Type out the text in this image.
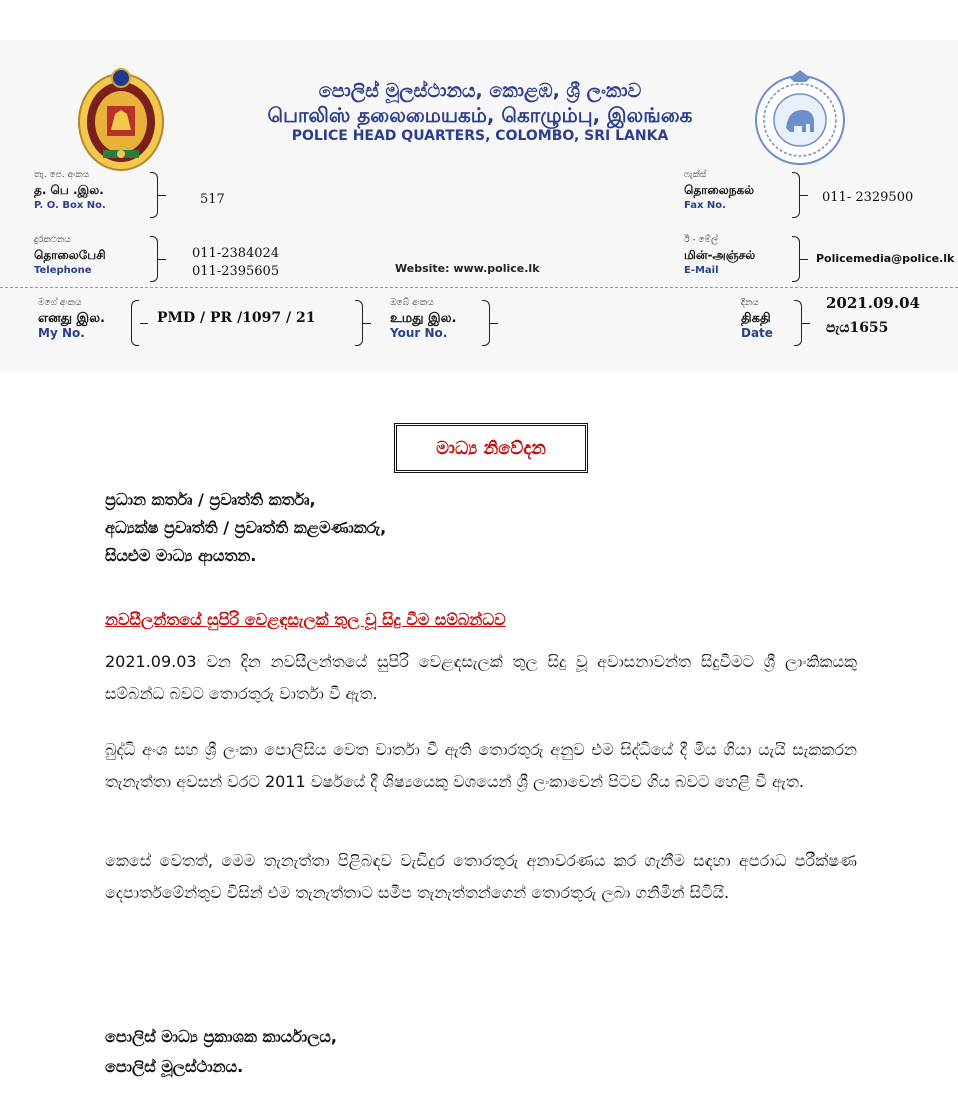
පොලිස් මූලස්ථානය, කොළඹ, ශ්‍රී ලංකාව
பொலிஸ் தலைமையகம், கொழும்பு, இலங்கை
POLICE HEAD QUARTERS, COLOMBO, SRI LANKA
තැ. පෙ. අංකය
த. பெ .இல.
P. O. Box No.	517
ෆැක්ස්
தொலைநகல்
Fax No.
011- 2329500
දුරකථනය
தொலைபேசி
Telephone
011-2384024
011-2395605	Website: www.police.lk
ඊ - මේල්
மின்-அஞ்சல்
E-Mail
Policemedia@police.lk
මගේ අංකය
எனது இல.
My No.
PMD / PR /1097 / 21
ඔබේ අංකය
உமது இல.
Your No.
දිනය
திகதி
Date
2021.09.04
පැය1655
මාධ්‍ය නිවේදන
ප්‍රධාන කර්තෘ / ප්‍රවෘත්ති කර්තෘ,
අධ්‍යක්ෂ ප්‍රවෘත්ති / ප්‍රවෘත්ති කළමණාකරු,
සියළුම මාධ්‍ය ආයතන.
නවසීලන්තයේ සුපිරි වෙළඳසැලක් තුල වූ සිදු වීම සම්බන්ධව
2021.09.03 වන දින නවසීලන්තයේ සුපිරි වෙළඳසැලක් තුල සිදු වූ අවාසනාවන්ත සිදුවීමට ශ්‍රී ලාංකිකයකු සම්බන්ධ බවට තොරතුරු වාර්තා වී ඇත.
බුද්ධි අංශ සහ ශ්‍රී ලංකා පොලිසිය වෙත වාර්තා වී ඇති තොරතුරු අනුව එම සිද්ධියේ දී මිය ගියා යැයි සැකකරන තැනැත්තා අවසන් වරට 2011 වර්ෂයේ දී ශිෂ්‍යයෙකු වශයෙන් ශ්‍රී ලංකාවෙන් පිටව ගිය බවට හෙළි වී ඇත.
කෙසේ වෙතත්, මෙම තැනැත්තා පිළිබඳව වැඩිදුර තොරතුරු අනාවරණය කර ගැනීම සඳහා අපරාධ පරීක්ෂණ දෙපාර්තමේන්තුව විසින් එම තැනැත්තාට සමීප තැනැත්තන්ගෙන් තොරතුරු ලබා ගනිමින් සිටියි.
පොලිස් මාධ්‍ය ප්‍රකාශක කාර්යාලය,
පොලිස් මූලස්ථානය.
